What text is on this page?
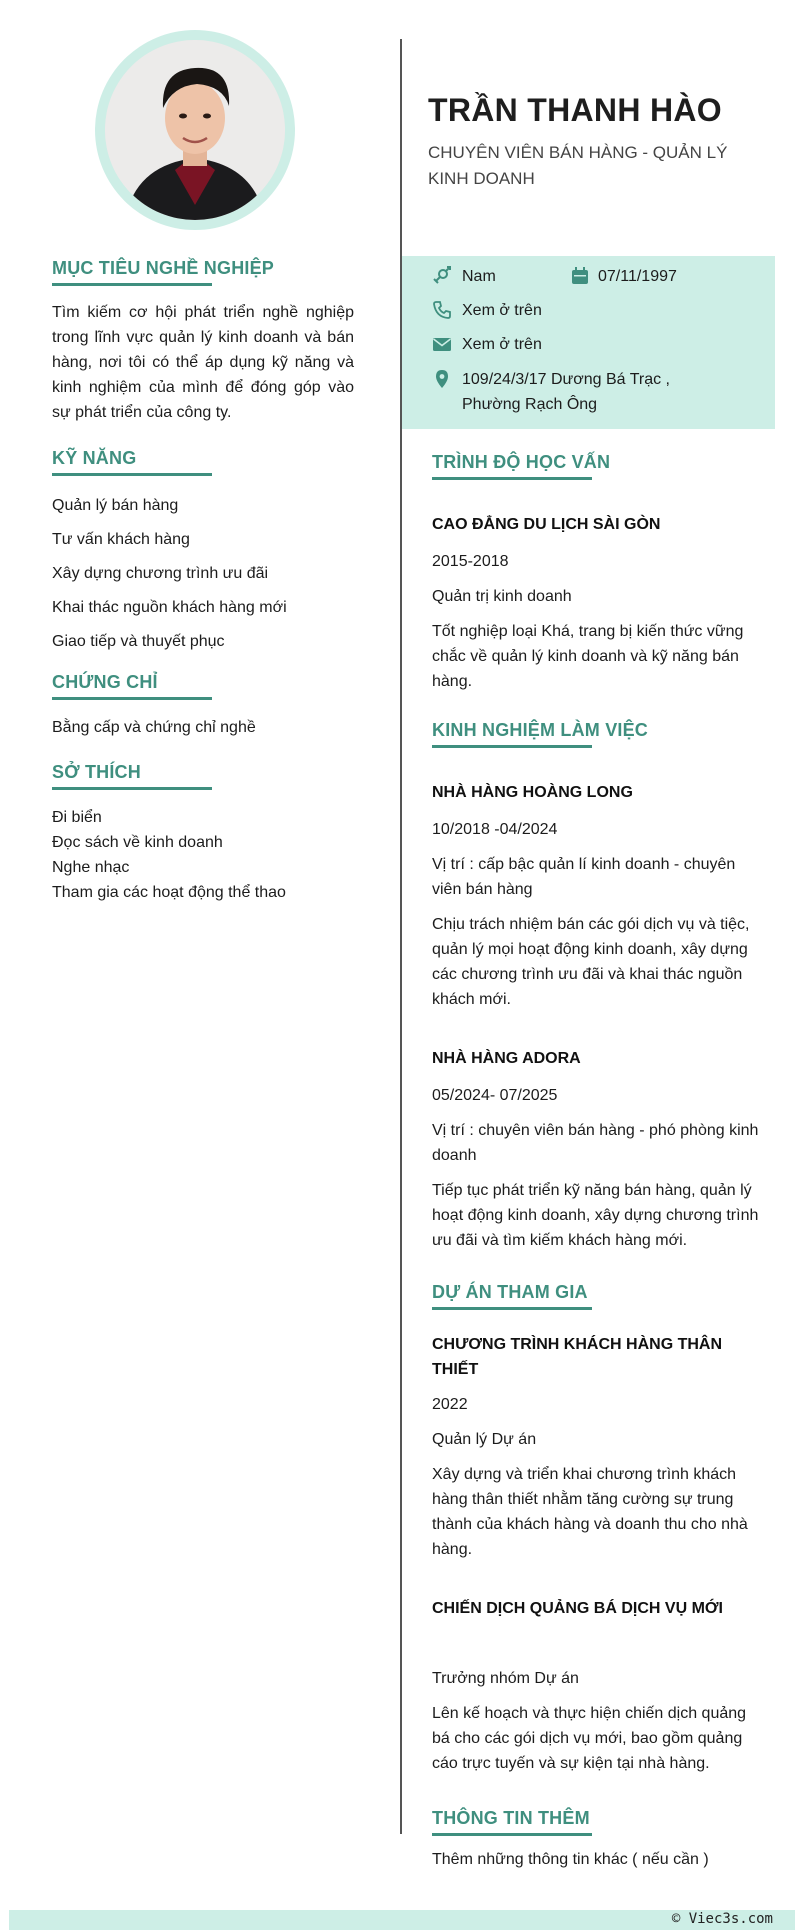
MỤC TIÊU NGHỀ NGHIỆP
Tìm kiếm cơ hội phát triển nghề nghiệp trong lĩnh vực quản lý kinh doanh và bán hàng, nơi tôi có thể áp dụng kỹ năng và kinh nghiệm của mình để đóng góp vào sự phát triển của công ty.
KỸ NĂNG
Quản lý bán hàng
Tư vấn khách hàng
Xây dựng chương trình ưu đãi
Khai thác nguồn khách hàng mới
Giao tiếp và thuyết phục
CHỨNG CHỈ
Bằng cấp và chứng chỉ nghề
SỞ THÍCH
Đi biển
Đọc sách về kinh doanh
Nghe nhạc
Tham gia các hoạt động thể thao
TRẦN THANH HÀO
CHUYÊN VIÊN BÁN HÀNG - QUẢN LÝ KINH DOANH
Nam	07/11/1997
Xem ở trên
Xem ở trên
109/24/3/17 Dương Bá Trạc , Phường Rạch Ông
TRÌNH ĐỘ HỌC VẤN
CAO ĐẲNG DU LỊCH SÀI GÒN
2015-2018
Quản trị kinh doanh
Tốt nghiệp loại Khá, trang bị kiến thức vững chắc về quản lý kinh doanh và kỹ năng bán hàng.
KINH NGHIỆM LÀM VIỆC
NHÀ HÀNG HOÀNG LONG
10/2018 -04/2024
Vị trí : cấp bậc quản lí kinh doanh - chuyên viên bán hàng
Chịu trách nhiệm bán các gói dịch vụ và tiệc, quản lý mọi hoạt động kinh doanh, xây dựng các chương trình ưu đãi và khai thác nguồn khách mới.
NHÀ HÀNG ADORA
05/2024- 07/2025
Vị trí : chuyên viên bán hàng - phó phòng kinh doanh
Tiếp tục phát triển kỹ năng bán hàng, quản lý hoạt động kinh doanh, xây dựng chương trình ưu đãi và tìm kiếm khách hàng mới.
DỰ ÁN THAM GIA
CHƯƠNG TRÌNH KHÁCH HÀNG THÂN THIẾT
2022
Quản lý Dự án
Xây dựng và triển khai chương trình khách hàng thân thiết nhằm tăng cường sự trung thành của khách hàng và doanh thu cho nhà hàng.
CHIẾN DỊCH QUẢNG BÁ DỊCH VỤ MỚI
Trưởng nhóm Dự án
Lên kế hoạch và thực hiện chiến dịch quảng bá cho các gói dịch vụ mới, bao gồm quảng cáo trực tuyến và sự kiện tại nhà hàng.
THÔNG TIN THÊM
Thêm những thông tin khác ( nếu cần )
© Viec3s.com
